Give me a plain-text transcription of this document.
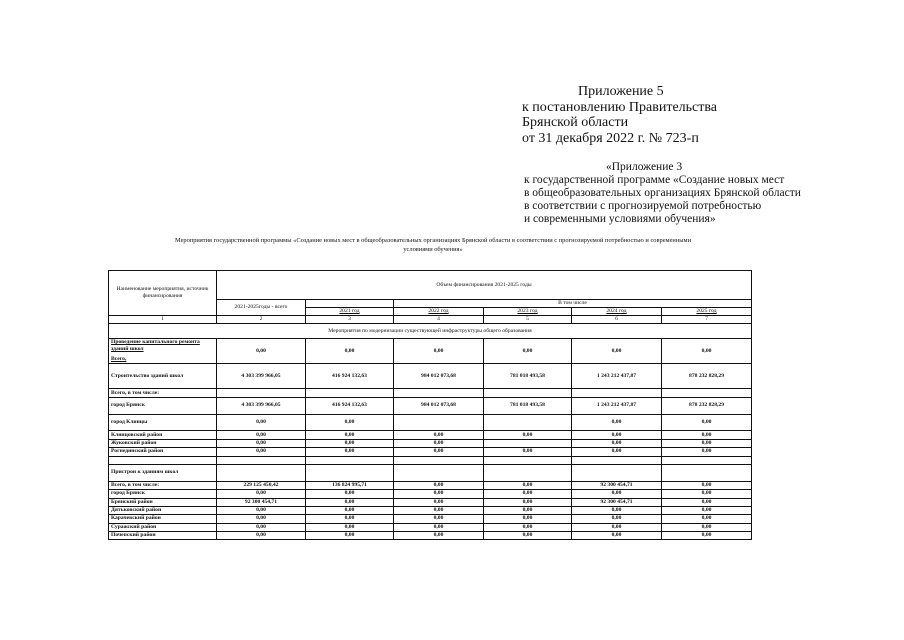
Приложение 5
к постановлению Правительства
Брянской области
от 31 декабря 2022 г. № 723-п
«Приложение 3
к государственной программе «Создание новых мест
в общеобразовательных организациях Брянской области
в соответствии с прогнозируемой потребностью
и современными условиями обучения»
Мероприятия государственной программы «Создание новых мест в общеобразовательных организациях Брянской области в соответствии с прогнозируемой потребностью и современными
условиями обучения»
Наименование мероприятия, источник финансирования	Объем финансирования 2021-2025 годы					
	2021-2025годы - всего		В том числе			
		2021 год	2022 год	2023 год	2024 год	2025 год
1	2	3	4	5	6	7
Мероприятия по модернизации существующей инфраструктуры общего образования						

Проведение капитального ремонта зданий школ
Всего,	0,00	0,00	0,00	0,00	0,00	0,00
Строительство зданий школ	4 303 399 966,05	416 924 132,63	984 012 073,68	781 018 493,58	1 243 212 437,87	878 232 828,29
Всего, в том числе:						
город Брянск	4 303 399 966,05	416 924 132,63	984 012 073,68	781 018 493,58	1 243 212 437,87	878 232 828,29
город Клинцы	0,00	0,00			0,00	0,00
Клинцовский район	0,00	0,00	0,00	0,00	0,00	0,00
Жуковский район	0,00	0,00	0,00		0,00	0,00
Рогнединский район	0,00	0,00	0,00	0,00	0,00	0,00

Пристрои к зданиям школ						
Всего, в том числе:	229 125 450,42	136 824 995,71	0,00	0,00	92 300 454,71	0,00
город Брянск	0,00	0,00	0,00	0,00	0,00	0,00
Брянский район	92 300 454,71	0,00	0,00	0,00	92 300 454,71	0,00
Дятьковский район	0,00	0,00	0,00	0,00	0,00	0,00
Карачевский район	0,00	0,00	0,00	0,00	0,00	0,00
Суражский район	0,00	0,00	0,00	0,00	0,00	0,00
Почепский район	0,00	0,00	0,00	0,00	0,00	0,00
